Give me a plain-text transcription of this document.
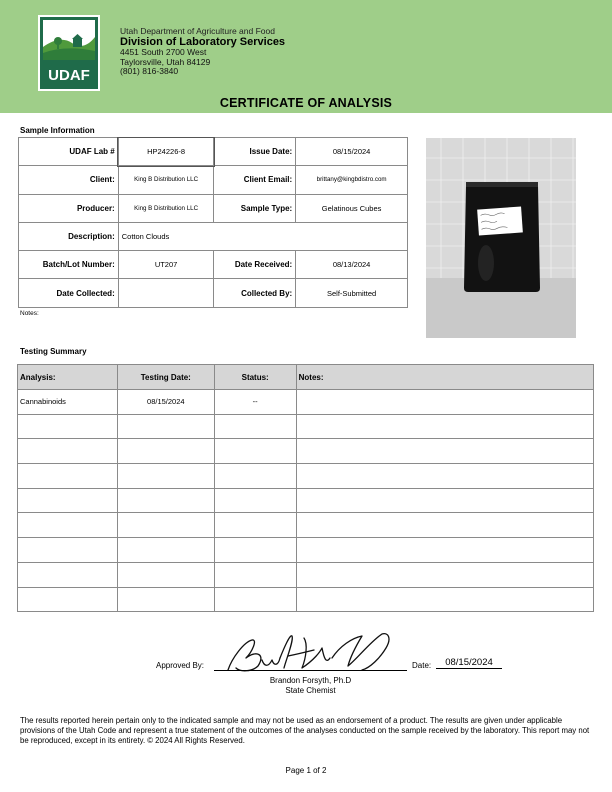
UDAF
Utah Department of Agriculture and Food
Division of Laboratory Services
4451 South 2700 West
Taylorsville, Utah 84129
(801) 816-3840
CERTIFICATE OF ANALYSIS
Sample Information
UDAF Lab #	HP24226-8	Issue Date:	08/15/2024
Client:	King B Distribution LLC	Client Email:	brittany@kingbdistro.com
Producer:	King B Distribution LLC	Sample Type:	Gelatinous Cubes
Description:	Cotton Clouds		
Batch/Lot Number:	UT207	Date Received:	08/13/2024
Date Collected:		Collected By:	Self-Submitted
Notes:
Testing Summary
Analysis:	Testing Date:	Status:	Notes:
Cannabinoids	08/15/2024	--	

Approved By:	Date:	08/15/2024
Brandon Forsyth, Ph.D
State Chemist
The results reported herein pertain only to the indicated sample and may not be used as an endorsement of a product. The results are given under applicable provisions of the Utah Code and represent a true statement of the outcomes of the analyses conducted on the sample received by the laboratory. This report may not be reproduced, except in its entirety. © 2024 All Rights Reserved.
Page 1 of 2
